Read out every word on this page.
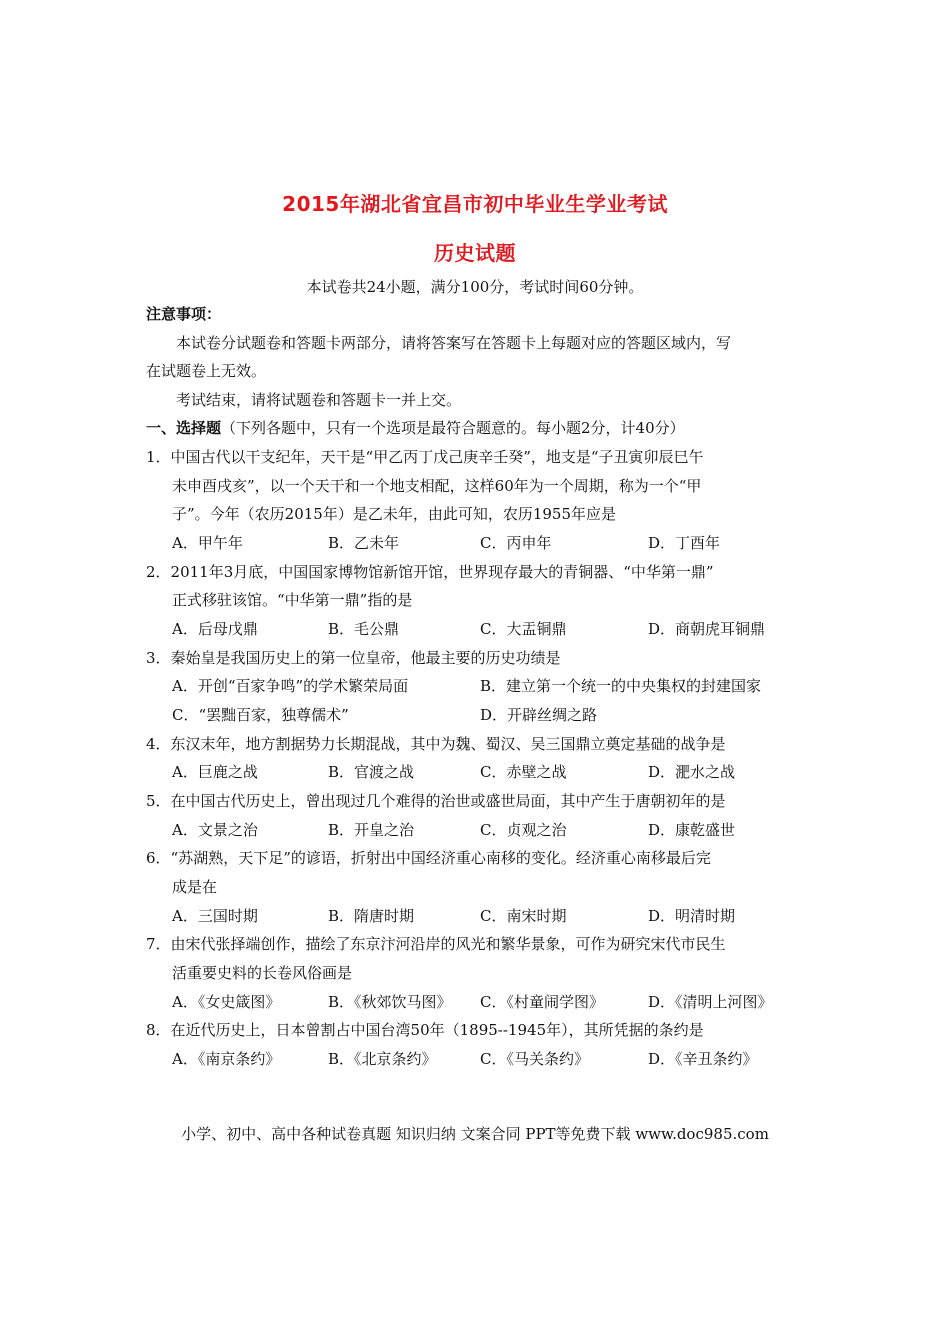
2015年湖北省宜昌市初中毕业生学业考试
历史试题
本试卷共24小题，满分100分，考试时间60分钟。
注意事项：
本试卷分试题卷和答题卡两部分，请将答案写在答题卡上每题对应的答题区域内，写
在试题卷上无效。
考试结束，请将试题卷和答题卡一并上交。
一、选择题（下列各题中，只有一个选项是最符合题意的。每小题2分，计40分）
1．中国古代以干支纪年，天干是“甲乙丙丁戊己庚辛壬癸”，地支是“子丑寅卯辰巳午
未申酉戌亥”，以一个天干和一个地支相配，这样60年为一个周期，称为一个“甲
子”。今年（农历2015年）是乙未年，由此可知，农历1955年应是
A．甲午年	B．乙未年	C．丙申年	D．丁酉年
2．2011年3月底，中国国家博物馆新馆开馆，世界现存最大的青铜器、“中华第一鼎”
正式移驻该馆。“中华第一鼎”指的是
A．后母戊鼎	B．毛公鼎	C．大盂铜鼎	D．商朝虎耳铜鼎
3．秦始皇是我国历史上的第一位皇帝，他最主要的历史功绩是
A．开创“百家争鸣”的学术繁荣局面	B．建立第一个统一的中央集权的封建国家
C．“罢黜百家，独尊儒术”	D．开辟丝绸之路
4．东汉末年，地方割据势力长期混战，其中为魏、蜀汉、吴三国鼎立奠定基础的战争是
A．巨鹿之战	B．官渡之战	C．赤壁之战	D．淝水之战
5．在中国古代历史上，曾出现过几个难得的治世或盛世局面，其中产生于唐朝初年的是
A．文景之治	B．开皇之治	C．贞观之治	D．康乾盛世
6．“苏湖熟，天下足”的谚语，折射出中国经济重心南移的变化。经济重心南移最后完
成是在
A．三国时期	B．隋唐时期	C．南宋时期	D．明清时期
7．由宋代张择端创作，描绘了东京汴河沿岸的风光和繁华景象，可作为研究宋代市民生
活重要史料的长卷风俗画是
A．《女史箴图》	B．《秋郊饮马图》 C．《村童闹学图》	D．《清明上河图》
8．在近代历史上，日本曾割占中国台湾50年（1895--1945年），其所凭据的条约是
A．《南京条约》	B．《北京条约》	C．《马关条约》	D．《辛丑条约》
小学、初中、高中各种试卷真题 知识归纳 文案合同 PPT等免费下载 www.doc985.com
